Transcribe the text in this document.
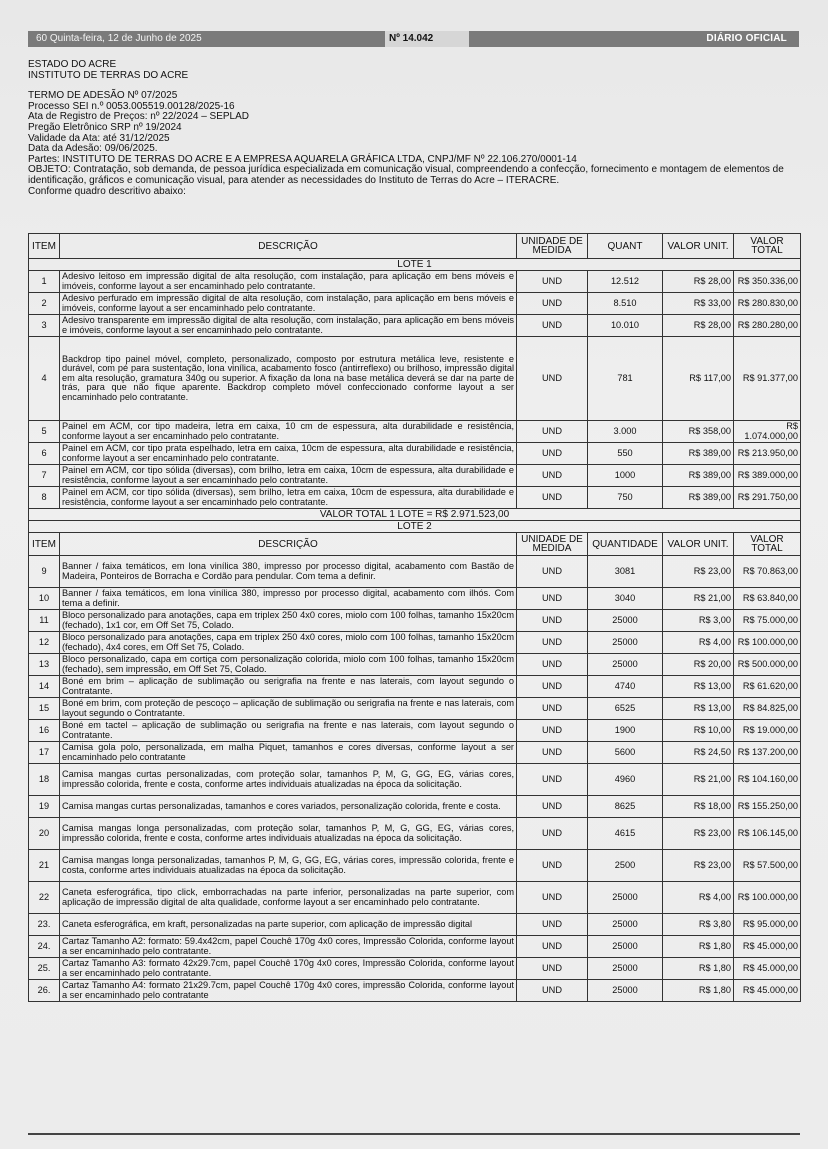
60 Quinta-feira, 12 de Junho de 2025	Nº 14.042	DIÁRIO OFICIAL
ESTADO DO ACRE
INSTITUTO DE TERRAS DO ACRE
TERMO DE ADESÃO Nº 07/2025
Processo SEI n.º 0053.005519.00128/2025-16
Ata de Registro de Preços: nº 22/2024 – SEPLAD
Pregão Eletrônico SRP nº 19/2024
Validade da Ata: até 31/12/2025
Data da Adesão: 09/06/2025.
Partes: INSTITUTO DE TERRAS DO ACRE E A EMPRESA AQUARELA GRÁFICA LTDA, CNPJ/MF Nº 22.106.270/0001-14
OBJETO: Contratação, sob demanda, de pessoa jurídica especializada em comunicação visual, compreendendo a confecção, fornecimento e montagem de elementos de identificação, gráficos e comunicação visual, para atender as necessidades do Instituto de Terras do Acre – ITERACRE.
Conforme quadro descritivo abaixo:
ITEM	DESCRIÇÃO	UNIDADE DE MEDIDA	QUANT	VALOR UNIT.	VALOR TOTAL
LOTE 1					
1	Adesivo leitoso em impressão digital de alta resolução, com instalação, para aplicação em bens móveis e imóveis, conforme layout a ser encaminhado pelo contratante.	UND	12.512	R$ 28,00	R$ 350.336,00
2	Adesivo perfurado em impressão digital de alta resolução, com instalação, para aplicação em bens móveis e imóveis, conforme layout a ser encaminhado pelo contratante.	UND	8.510	R$ 33,00	R$ 280.830,00
3	Adesivo transparente em impressão digital de alta resolução, com instalação, para aplicação em bens móveis e imóveis, conforme layout a ser encaminhado pelo contratante.	UND	10.010	R$ 28,00	R$ 280.280,00
4	Backdrop tipo painel móvel, completo, personalizado, composto por estrutura metálica leve, resistente e durável, com pé para sustentação, lona vinílica, acabamento fosco (antirreflexo) ou brilhoso, impressão digital em alta resolução, gramatura 340g ou superior. A fixação da lona na base metálica deverá se dar na parte de trás, para que não fique aparente. Backdrop completo móvel confeccionado conforme layout a ser encaminhado pelo contratante.	UND	781	R$ 117,00	R$ 91.377,00
5	Painel em ACM, cor tipo madeira, letra em caixa, 10 cm de espessura, alta durabilidade e resistência, conforme layout a ser encaminhado pelo contratante.	UND	3.000	R$ 358,00	R$ 1.074.000,00
6	Painel em ACM, cor tipo prata espelhado, letra em caixa, 10cm de espessura, alta durabilidade e resistência, conforme layout a ser encaminhado pelo contratante.	UND	550	R$ 389,00	R$ 213.950,00
7	Painel em ACM, cor tipo sólida (diversas), com brilho, letra em caixa, 10cm de espessura, alta durabilidade e resistência, conforme layout a ser encaminhado pelo contratante.	UND	1000	R$ 389,00	R$ 389.000,00
8	Painel em ACM, cor tipo sólida (diversas), sem brilho, letra em caixa, 10cm de espessura, alta durabilidade e resistência, conforme layout a ser encaminhado pelo contratante.	UND	750	R$ 389,00	R$ 291.750,00
VALOR TOTAL 1 LOTE = R$ 2.971.523,00					
LOTE 2					
ITEM	DESCRIÇÃO	UNIDADE DE MEDIDA	QUANTIDADE	VALOR UNIT.	VALOR TOTAL
9	Banner / faixa temáticos, em lona vinílica 380, impresso por processo digital, acabamento com Bastão de Madeira, Ponteiros de Borracha e Cordão para pendular. Com tema a definir.	UND	3081	R$ 23,00	R$ 70.863,00
10	Banner / faixa temáticos, em lona vinílica 380, impresso por processo digital, acabamento com ilhós. Com tema a definir.	UND	3040	R$ 21,00	R$ 63.840,00
11	Bloco personalizado para anotações, capa em triplex 250 4x0 cores, miolo com 100 folhas, tamanho 15x20cm (fechado), 1x1 cor, em Off Set 75, Colado.	UND	25000	R$ 3,00	R$ 75.000,00
12	Bloco personalizado para anotações, capa em triplex 250 4x0 cores, miolo com 100 folhas, tamanho 15x20cm (fechado), 4x4 cores, em Off Set 75, Colado.	UND	25000	R$ 4,00	R$ 100.000,00
13	Bloco personalizado, capa em cortiça com personalização colorida, miolo com 100 folhas, tamanho 15x20cm (fechado), sem impressão, em Off Set 75, Colado.	UND	25000	R$ 20,00	R$ 500.000,00
14	Boné em brim – aplicação de sublimação ou serigrafia na frente e nas laterais, com layout segundo o Contratante.	UND	4740	R$ 13,00	R$ 61.620,00
15	Boné em brim, com proteção de pescoço – aplicação de sublimação ou serigrafia na frente e nas laterais, com layout segundo o Contratante.	UND	6525	R$ 13,00	R$ 84.825,00
16	Boné em tactel – aplicação de sublimação ou serigrafia na frente e nas laterais, com layout segundo o Contratante.	UND	1900	R$ 10,00	R$ 19.000,00
17	Camisa gola polo, personalizada, em malha Piquet, tamanhos e cores diversas, conforme layout a ser encaminhado pelo contratante	UND	5600	R$ 24,50	R$ 137.200,00
18	Camisa mangas curtas personalizadas, com proteção solar, tamanhos P, M, G, GG, EG, várias cores, impressão colorida, frente e costa, conforme artes individuais atualizadas na época da solicitação.	UND	4960	R$ 21,00	R$ 104.160,00
19	Camisa mangas curtas personalizadas, tamanhos e cores variados, personalização colorida, frente e costa.	UND	8625	R$ 18,00	R$ 155.250,00
20	Camisa mangas longa personalizadas, com proteção solar, tamanhos P, M, G, GG, EG, várias cores, impressão colorida, frente e costa, conforme artes individuais atualizadas na época da solicitação.	UND	4615	R$ 23,00	R$ 106.145,00
21	Camisa mangas longa personalizadas, tamanhos P, M, G, GG, EG, várias cores, impressão colorida, frente e costa, conforme artes individuais atualizadas na época da solicitação.	UND	2500	R$ 23,00	R$ 57.500,00
22	Caneta esferográfica, tipo click, emborrachadas na parte inferior, personalizadas na parte superior, com aplicação de impressão digital de alta qualidade, conforme layout a ser encaminhado pelo contratante.	UND	25000	R$ 4,00	R$ 100.000,00
23.	Caneta esferográfica, em kraft, personalizadas na parte superior, com aplicação de impressão digital	UND	25000	R$ 3,80	R$ 95.000,00
24.	Cartaz Tamanho A2: formato: 59.4x42cm, papel Couchê 170g 4x0 cores, Impressão Colorida, conforme layout a ser encaminhado pelo contratante.	UND	25000	R$ 1,80	R$ 45.000,00
25.	Cartaz Tamanho A3: formato 42x29.7cm, papel Couchê 170g 4x0 cores, Impressão Colorida, conforme layout a ser encaminhado pelo contratante.	UND	25000	R$ 1,80	R$ 45.000,00
26.	Cartaz Tamanho A4: formato 21x29.7cm, papel Couchê 170g 4x0 cores, impressão Colorida, conforme layout a ser encaminhado pelo contratante	UND	25000	R$ 1,80	R$ 45.000,00
